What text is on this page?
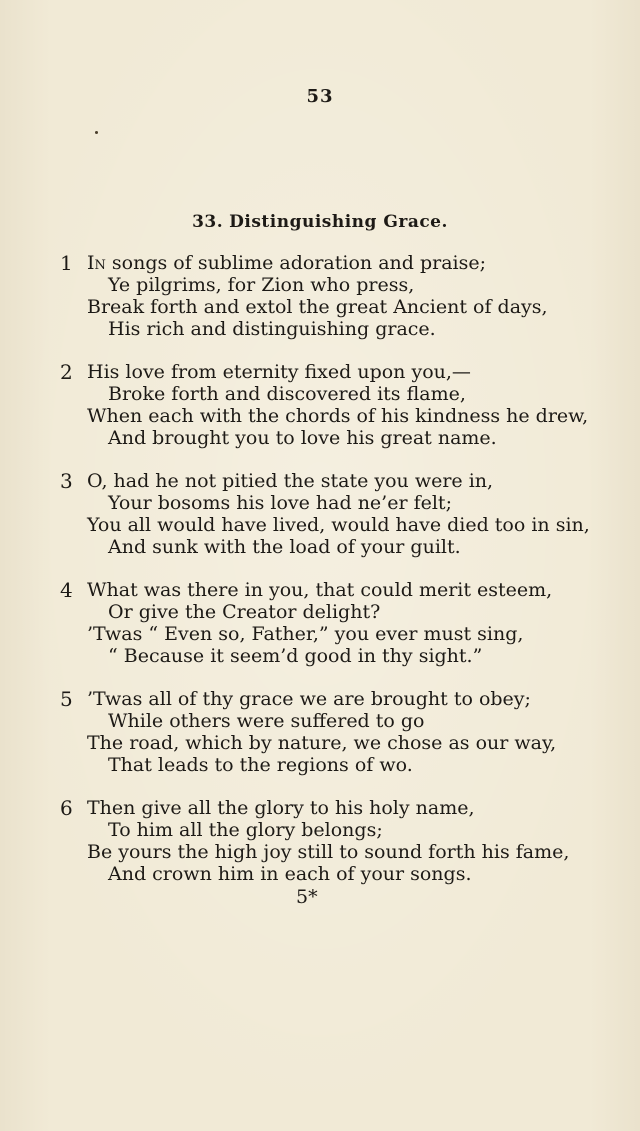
53
33. Distinguishing Grace.
1 In songs of sublime adoration and praise;
Ye pilgrims, for Zion who press,
Break forth and extol the great Ancient of days,
His rich and distinguishing grace.
2 His love from eternity fixed upon you,—
Broke forth and discovered its flame,
When each with the chords of his kindness he drew,
And brought you to love his great name.
3 O, had he not pitied the state you were in,
Your bosoms his love had ne’er felt;
You all would have lived, would have died too in sin,
And sunk with the load of your guilt.
4 What was there in you, that could merit esteem,
Or give the Creator delight?
’Twas “ Even so, Father,” you ever must sing,
“ Because it seem’d good in thy sight.”
5 ’Twas all of thy grace we are brought to obey;
While others were suffered to go
The road, which by nature, we chose as our way,
That leads to the regions of wo.
6 Then give all the glory to his holy name,
To him all the glory belongs;
Be yours the high joy still to sound forth his fame,
And crown him in each of your songs.
5*
